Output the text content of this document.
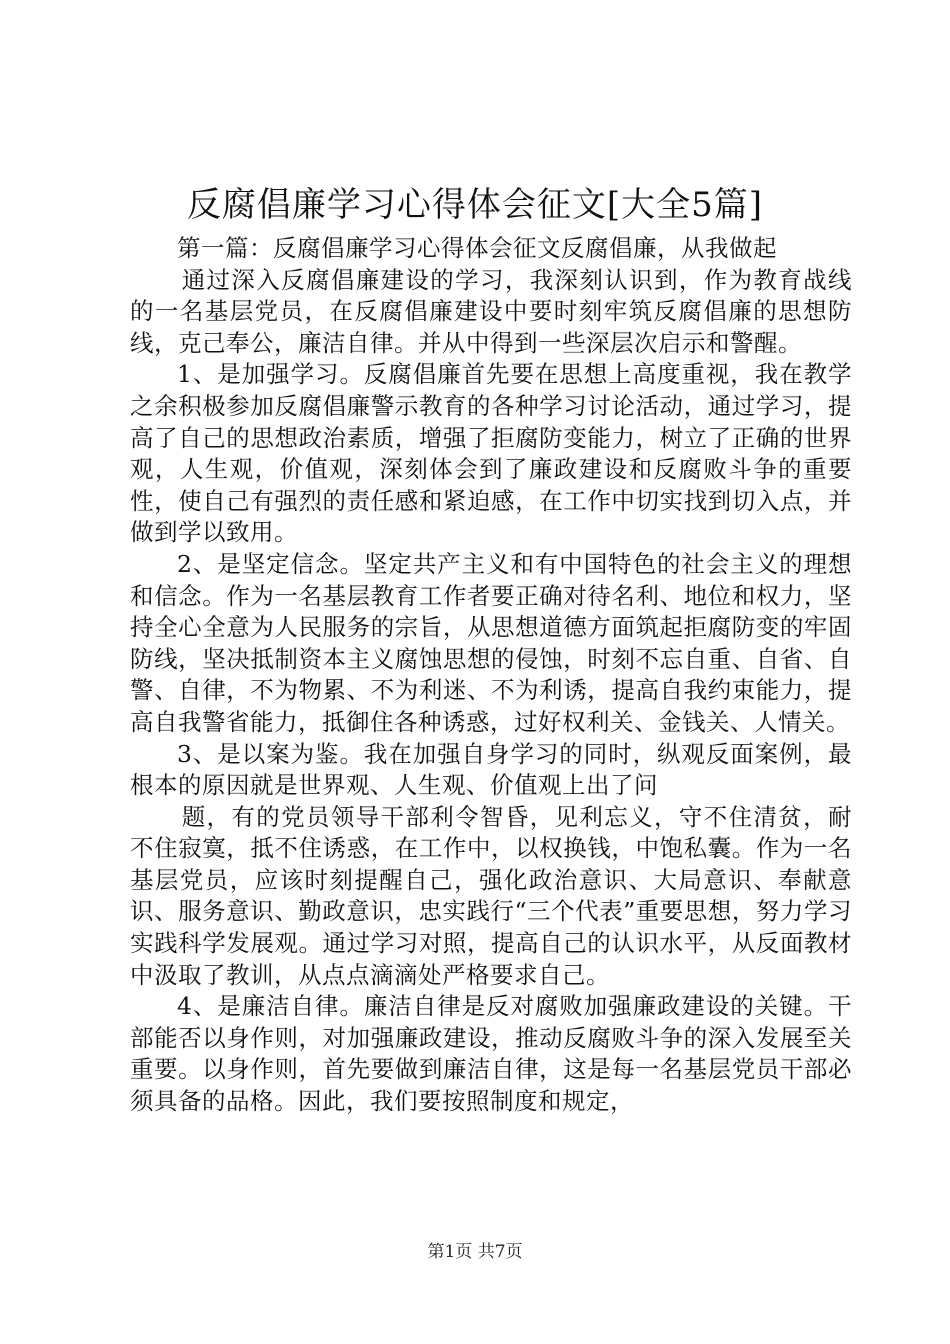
反腐倡廉学习心得体会征文[大全5篇]

第一篇：反腐倡廉学习心得体会征文反腐倡廉，从我做起

通过深入反腐倡廉建设的学习，我深刻认识到，作为教育战线的一名基层党员，在反腐倡廉建设中要时刻牢筑反腐倡廉的思想防线，克己奉公，廉洁自律。并从中得到一些深层次启示和警醒。

1、是加强学习。反腐倡廉首先要在思想上高度重视，我在教学之余积极参加反腐倡廉警示教育的各种学习讨论活动，通过学习，提高了自己的思想政治素质，增强了拒腐防变能力，树立了正确的世界观，人生观，价值观，深刻体会到了廉政建设和反腐败斗争的重要性，使自己有强烈的责任感和紧迫感，在工作中切实找到切入点，并做到学以致用。

2、是坚定信念。坚定共产主义和有中国特色的社会主义的理想和信念。作为一名基层教育工作者要正确对待名利、地位和权力，坚持全心全意为人民服务的宗旨，从思想道德方面筑起拒腐防变的牢固防线，坚决抵制资本主义腐蚀思想的侵蚀，时刻不忘自重、自省、自警、自律，不为物累、不为利迷、不为利诱，提高自我约束能力，提高自我警省能力，抵御住各种诱惑，过好权利关、金钱关、人情关。

3、是以案为鉴。我在加强自身学习的同时，纵观反面案例，最根本的原因就是世界观、人生观、价值观上出了问

题，有的党员领导干部利令智昏，见利忘义，守不住清贫，耐不住寂寞，抵不住诱惑，在工作中，以权换钱，中饱私囊。作为一名基层党员，应该时刻提醒自己，强化政治意识、大局意识、奉献意识、服务意识、勤政意识，忠实践行“三个代表”重要思想，努力学习实践科学发展观。通过学习对照，提高自己的认识水平，从反面教材中汲取了教训，从点点滴滴处严格要求自己。

4、是廉洁自律。廉洁自律是反对腐败加强廉政建设的关键。干部能否以身作则，对加强廉政建设，推动反腐败斗争的深入发展至关重要。以身作则，首先要做到廉洁自律，这是每一名基层党员干部必须具备的品格。因此，我们要按照制度和规定，

第1页 共7页
